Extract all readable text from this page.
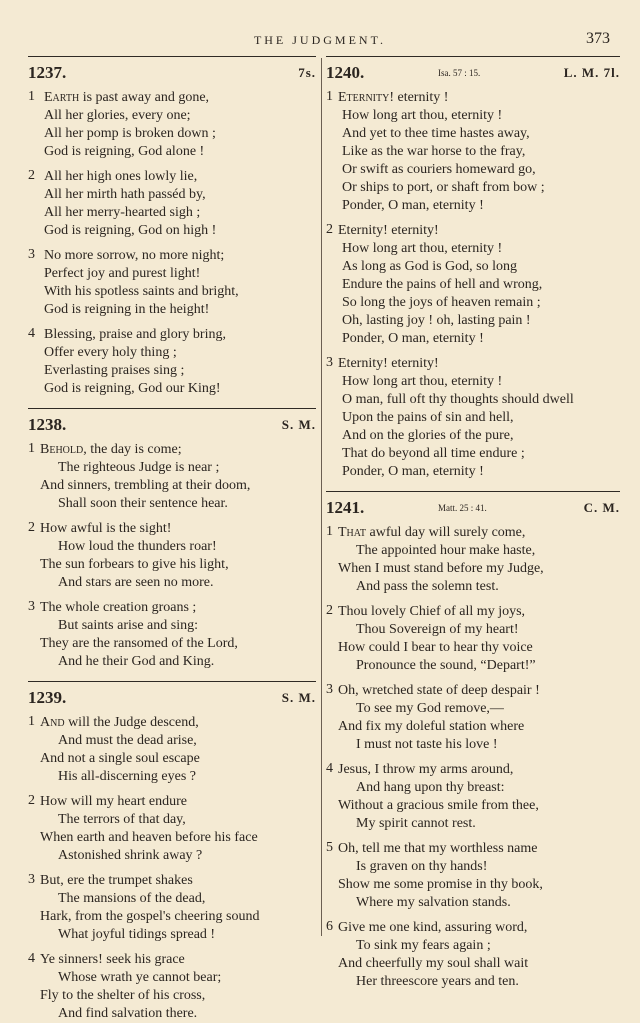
THE JUDGMENT.	373
1237.	7s.
1 Earth is past away and gone,
All her glories, every one;
All her pomp is broken down ;
God is reigning, God alone !
2 All her high ones lowly lie,
All her mirth hath passéd by,
All her merry-hearted sigh ;
God is reigning, God on high !
3 No more sorrow, no more night;
Perfect joy and purest light!
With his spotless saints and bright,
God is reigning in the height!
4 Blessing, praise and glory bring,
Offer every holy thing ;
Everlasting praises sing ;
God is reigning, God our King!
1238.	S. M.
1 Behold, the day is come;
The righteous Judge is near ;
And sinners, trembling at their doom,
Shall soon their sentence hear.
2 How awful is the sight!
How loud the thunders roar!
The sun forbears to give his light,
And stars are seen no more.
3 The whole creation groans ;
But saints arise and sing:
They are the ransomed of the Lord,
And he their God and King.
1239.	S. M.
1 And will the Judge descend,
And must the dead arise,
And not a single soul escape
His all-discerning eyes ?
2 How will my heart endure
The terrors of that day,
When earth and heaven before his face
Astonished shrink away ?
3 But, ere the trumpet shakes
The mansions of the dead,
Hark, from the gospel's cheering sound
What joyful tidings spread !
4 Ye sinners! seek his grace
Whose wrath ye cannot bear;
Fly to the shelter of his cross,
And find salvation there.
1240.	Isa. 57 : 15.	L. M. 7l.
1 Eternity! eternity !
How long art thou, eternity !
And yet to thee time hastes away,
Like as the war horse to the fray,
Or swift as couriers homeward go,
Or ships to port, or shaft from bow ;
Ponder, O man, eternity !
2 Eternity! eternity!
How long art thou, eternity !
As long as God is God, so long
Endure the pains of hell and wrong,
So long the joys of heaven remain ;
Oh, lasting joy ! oh, lasting pain !
Ponder, O man, eternity !
3 Eternity! eternity!
How long art thou, eternity !
O man, full oft thy thoughts should dwell
Upon the pains of sin and hell,
And on the glories of the pure,
That do beyond all time endure ;
Ponder, O man, eternity !
1241.	Matt. 25 : 41.	C. M.
1 That awful day will surely come,
The appointed hour make haste,
When I must stand before my Judge,
And pass the solemn test.
2 Thou lovely Chief of all my joys,
Thou Sovereign of my heart!
How could I bear to hear thy voice
Pronounce the sound, “Depart!”
3 Oh, wretched state of deep despair !
To see my God remove,—
And fix my doleful station where
I must not taste his love !
4 Jesus, I throw my arms around,
And hang upon thy breast:
Without a gracious smile from thee,
My spirit cannot rest.
5 Oh, tell me that my worthless name
Is graven on thy hands!
Show me some promise in thy book,
Where my salvation stands.
6 Give me one kind, assuring word,
To sink my fears again ;
And cheerfully my soul shall wait
Her threescore years and ten.
